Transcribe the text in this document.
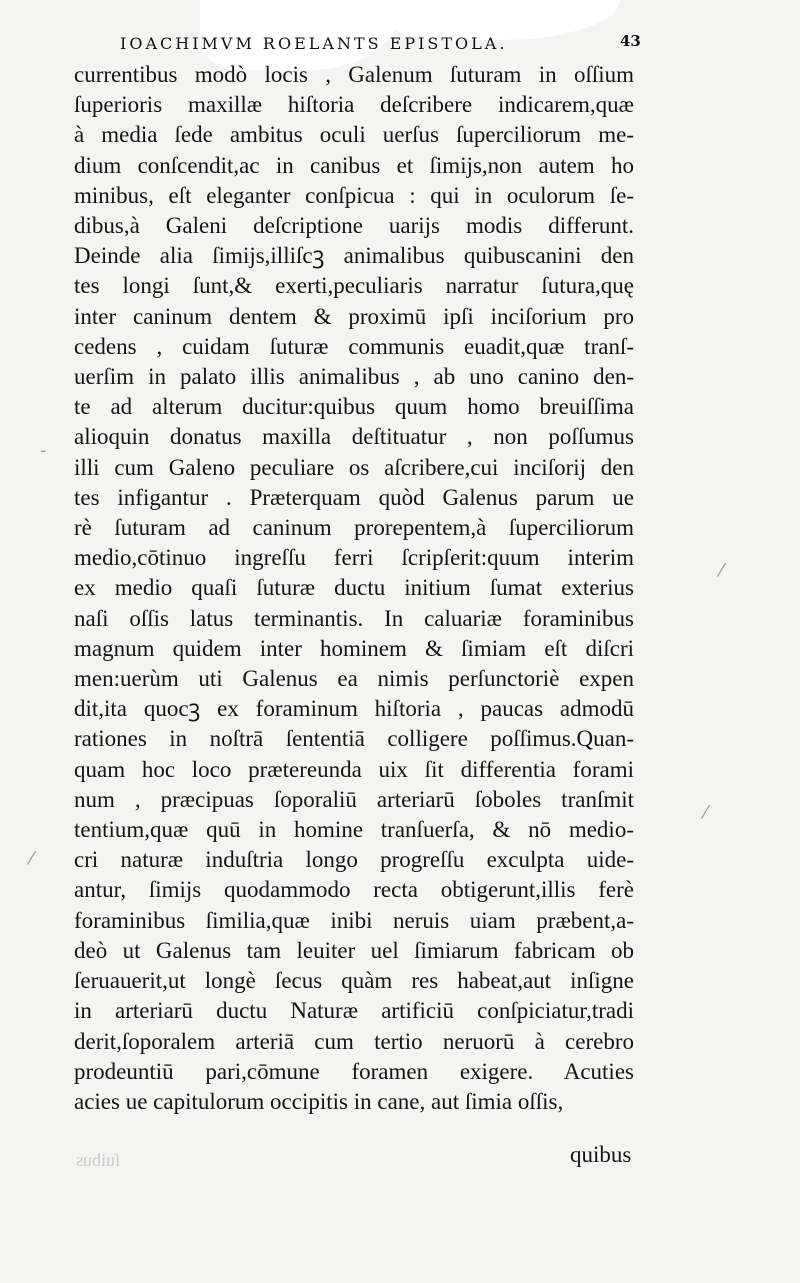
IOACHIMVM ROELANTS EPISTOLA.	43
currentibus modò locis , Galenum ſuturam in oſſium
ſuperioris maxillæ hiſtoria deſcribere indicarem,quæ
à media ſede ambitus oculi uerſus ſuperciliorum me-
dium conſcendit,ac in canibus et ſimijs,non autem ho
minibus, eſt eleganter conſpicua : qui in oculorum ſe-
dibus,à Galeni deſcriptione uarijs modis differunt.
Deinde alia ſimijs,illiſcꝫ animalibus quibuscanini den
tes longi ſunt,& exerti,peculiaris narratur ſutura,quę
inter caninum dentem & proximū ipſi inciſorium pro
cedens , cuidam ſuturæ communis euadit,quæ tranſ-
uerſim in palato illis animalibus , ab uno canino den-
te ad alterum ducitur:quibus quum homo breuiſſima
alioquin donatus maxilla deſtituatur , non poſſumus
illi cum Galeno peculiare os aſcribere,cui inciſorij den
tes infigantur . Præterquam quòd Galenus parum ue
rè ſuturam ad caninum prorepentem,à ſuperciliorum
medio,cōtinuo ingreſſu ferri ſcripſerit:quum interim
ex medio quaſi ſuturæ ductu initium ſumat exterius
naſi oſſis latus terminantis. In caluariæ foraminibus
magnum quidem inter hominem & ſimiam eſt diſcri
men:uerùm uti Galenus ea nimis perſunctoriè expen
dit,ita quocꝫ ex foraminum hiſtoria , paucas admodū
rationes in noſtrā ſententiā colligere poſſimus.Quan-
quam hoc loco prætereunda uix ſit differentia forami
num , præcipuas ſoporaliū arteriarū ſoboles tranſmit
tentium,quæ quū in homine tranſuerſa, & nō medio-
cri naturæ induſtria longo progreſſu exculpta uide-
antur, ſimijs quodammodo recta obtigerunt,illis ferè
foraminibus ſimilia,quæ inibi neruis uiam præbent,a-
deò ut Galenus tam leuiter uel ſimiarum fabricam ob
ſeruauerit,ut longè ſecus quàm res habeat,aut inſigne
in arteriarū ductu Naturæ artificiū conſpiciatur,tradi
derit,ſoporalem arteriā cum tertio neruorū à cerebro
prodeuntiū pari,cōmune foramen exigere. Acuties
acies ue capitulorum occipitis in cane, aut ſimia oſſis,
ſuibus	quibus
⁄
⁄
⁄
-
